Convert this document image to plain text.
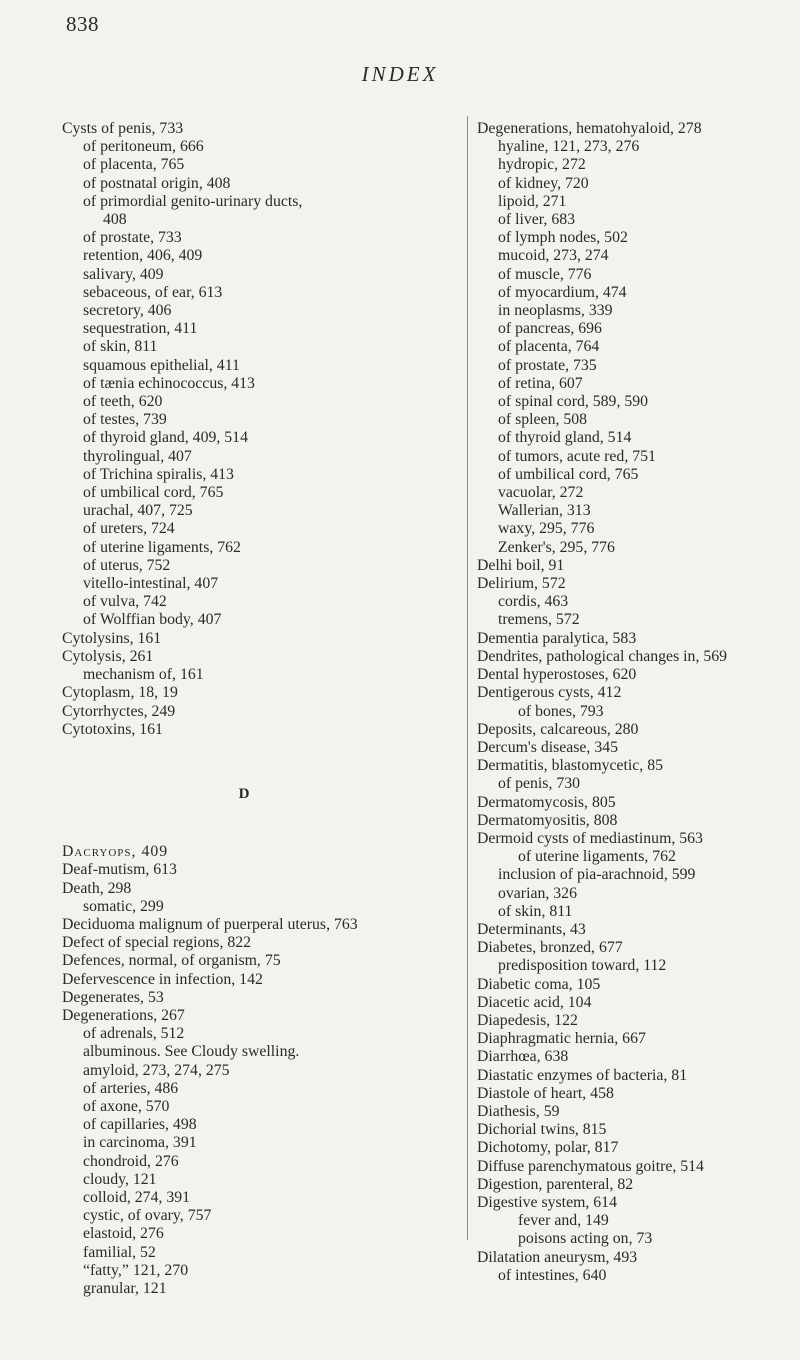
838
INDEX

Cysts of penis, 733

of peritoneum, 666

of placenta, 765

of postnatal origin, 408

of primordial genito-urinary ducts,

408

of prostate, 733

retention, 406, 409

salivary, 409

sebaceous, of ear, 613

secretory, 406

sequestration, 411

of skin, 811

squamous epithelial, 411

of tænia echinococcus, 413

of teeth, 620

of testes, 739

of thyroid gland, 409, 514

thyrolingual, 407

of Trichina spiralis, 413

of umbilical cord, 765

urachal, 407, 725

of ureters, 724

of uterine ligaments, 762

of uterus, 752

vitello-intestinal, 407

of vulva, 742

of Wolffian body, 407

Cytolysins, 161

Cytolysis, 261

mechanism of, 161

Cytoplasm, 18, 19

Cytorrhyctes, 249

Cytotoxins, 161

D

Dacryops, 409

Deaf-mutism, 613

Death, 298

somatic, 299

Deciduoma malignum of puerperal uterus, 763

Defect of special regions, 822

Defences, normal, of organism, 75

Defervescence in infection, 142

Degenerates, 53

Degenerations, 267

of adrenals, 512

albuminous. See Cloudy swelling.

amyloid, 273, 274, 275

of arteries, 486

of axone, 570

of capillaries, 498

in carcinoma, 391

chondroid, 276

cloudy, 121

colloid, 274, 391

cystic, of ovary, 757

elastoid, 276

familial, 52

“fatty,” 121, 270

granular, 121

Degenerations, hematohyaloid, 278

hyaline, 121, 273, 276

hydropic, 272

of kidney, 720

lipoid, 271

of liver, 683

of lymph nodes, 502

mucoid, 273, 274

of muscle, 776

of myocardium, 474

in neoplasms, 339

of pancreas, 696

of placenta, 764

of prostate, 735

of retina, 607

of spinal cord, 589, 590

of spleen, 508

of thyroid gland, 514

of tumors, acute red, 751

of umbilical cord, 765

vacuolar, 272

Wallerian, 313

waxy, 295, 776

Zenker's, 295, 776

Delhi boil, 91

Delirium, 572

cordis, 463

tremens, 572

Dementia paralytica, 583

Dendrites, pathological changes in, 569

Dental hyperostoses, 620

Dentigerous cysts, 412

of bones, 793

Deposits, calcareous, 280

Dercum's disease, 345

Dermatitis, blastomycetic, 85

of penis, 730

Dermatomycosis, 805

Dermatomyositis, 808

Dermoid cysts of mediastinum, 563

of uterine ligaments, 762

inclusion of pia-arachnoid, 599

ovarian, 326

of skin, 811

Determinants, 43

Diabetes, bronzed, 677

predisposition toward, 112

Diabetic coma, 105

Diacetic acid, 104

Diapedesis, 122

Diaphragmatic hernia, 667

Diarrhœa, 638

Diastatic enzymes of bacteria, 81

Diastole of heart, 458

Diathesis, 59

Dichorial twins, 815

Dichotomy, polar, 817

Diffuse parenchymatous goitre, 514

Digestion, parenteral, 82

Digestive system, 614

fever and, 149

poisons acting on, 73

Dilatation aneurysm, 493

of intestines, 640
